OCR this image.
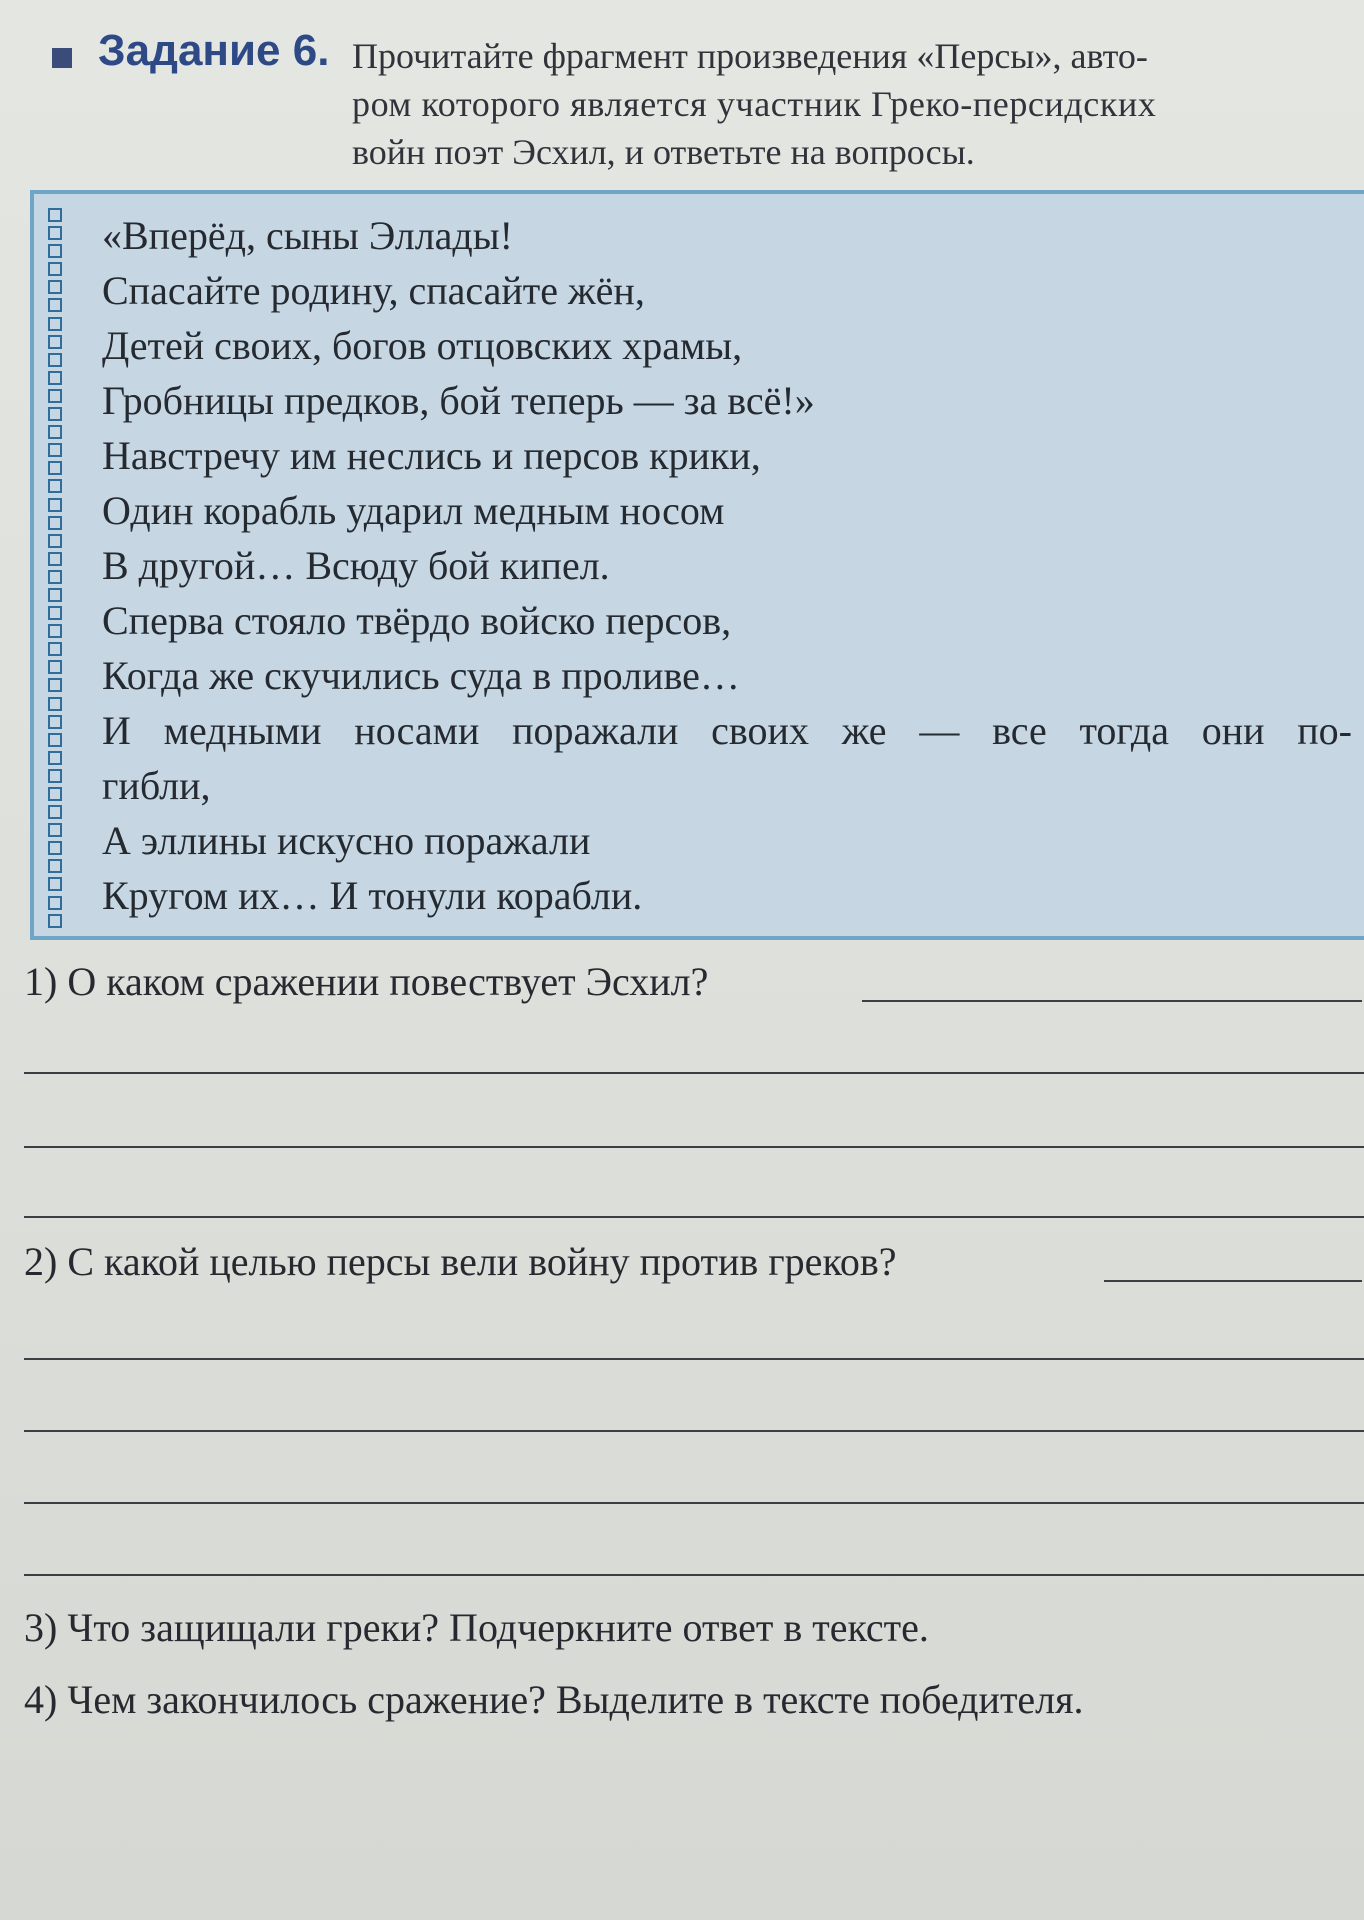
Задание 6. Прочитайте фрагмент произведения «Персы», авто-
ром которого является участник Греко-персидских
войн поэт Эсхил, и ответьте на вопросы.
«Вперёд, сыны Эллады!
Спасайте родину, спасайте жён,
Детей своих, богов отцовских храмы,
Гробницы предков, бой теперь — за всё!»
Навстречу им неслись и персов крики,
Один корабль ударил медным носом
В другой… Всюду бой кипел.
Сперва стояло твёрдо войско персов,
Когда же скучились суда в проливе…
И медными носами поражали своих же — все тогда они по-
гибли,
А эллины искусно поражали
Кругом их… И тонули корабли.
1) О каком сражении повествует Эсхил?
2) С какой целью персы вели войну против греков?
3) Что защищали греки? Подчеркните ответ в тексте.
4) Чем закончилось сражение? Выделите в тексте победителя.
